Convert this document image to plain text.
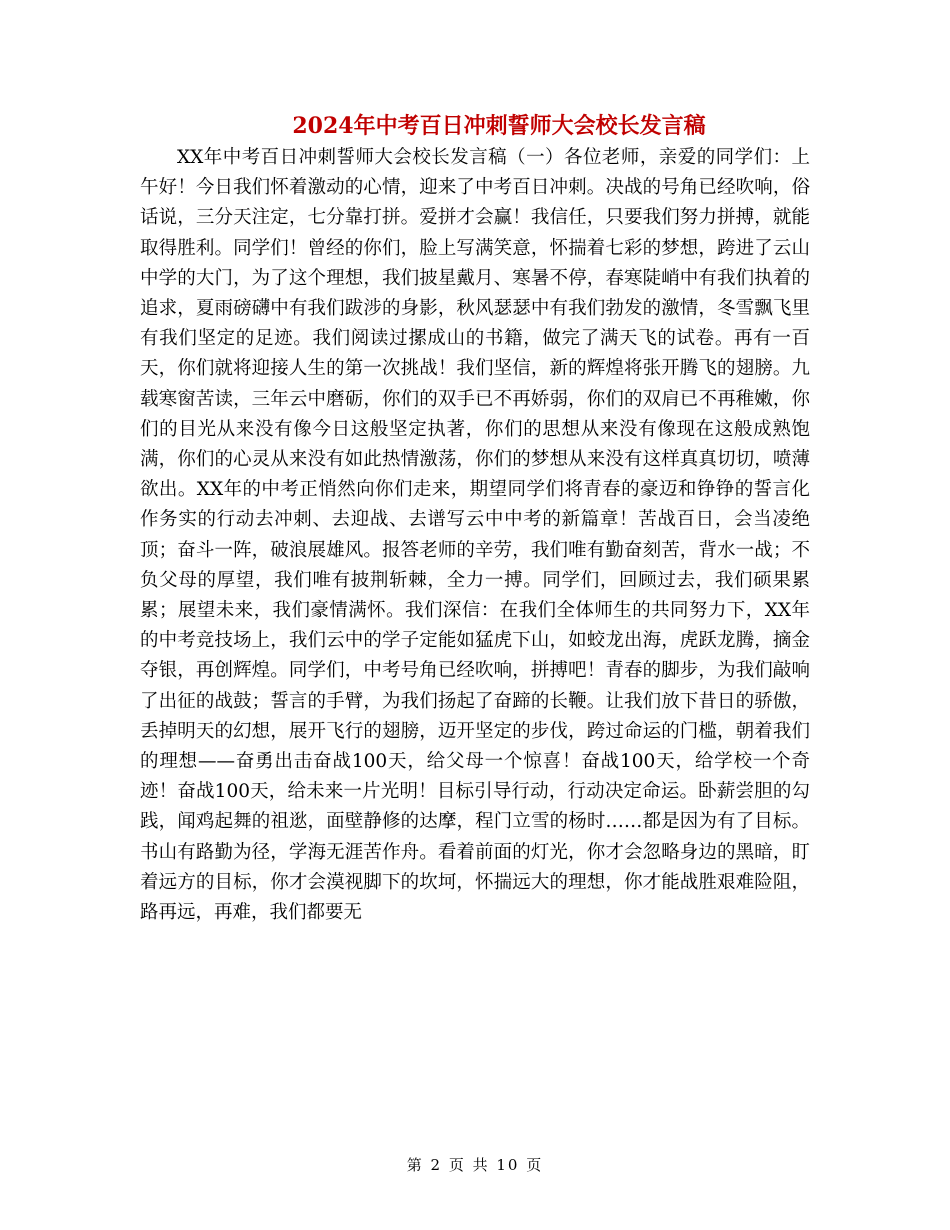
2024年中考百日冲刺誓师大会校长发言稿

XX年中考百日冲刺誓师大会校长发言稿（一）各位老师，亲爱的同学们：上午好！今日我们怀着激动的心情，迎来了中考百日冲刺。决战的号角已经吹响，俗话说，三分天注定，七分靠打拼。爱拼才会赢！我信任，只要我们努力拼搏，就能取得胜利。同学们！曾经的你们，脸上写满笑意，怀揣着七彩的梦想，跨进了云山中学的大门，为了这个理想，我们披星戴月、寒暑不停，春寒陡峭中有我们执着的追求，夏雨磅礴中有我们跋涉的身影，秋风瑟瑟中有我们勃发的激情，冬雪飘飞里有我们坚定的足迹。我们阅读过摞成山的书籍，做完了满天飞的试卷。再有一百天，你们就将迎接人生的第一次挑战！我们坚信，新的辉煌将张开腾飞的翅膀。九载寒窗苦读，三年云中磨砺，你们的双手已不再娇弱，你们的双肩已不再稚嫩，你们的目光从来没有像今日这般坚定执著，你们的思想从来没有像现在这般成熟饱满，你们的心灵从来没有如此热情激荡，你们的梦想从来没有这样真真切切，喷薄欲出。XX年的中考正悄然向你们走来，期望同学们将青春的豪迈和铮铮的誓言化作务实的行动去冲刺、去迎战、去谱写云中中考的新篇章！苦战百日，会当凌绝顶；奋斗一阵，破浪展雄风。报答老师的辛劳，我们唯有勤奋刻苦，背水一战；不负父母的厚望，我们唯有披荆斩棘，全力一搏。同学们，回顾过去，我们硕果累累；展望未来，我们豪情满怀。我们深信：在我们全体师生的共同努力下，XX年的中考竞技场上，我们云中的学子定能如猛虎下山，如蛟龙出海，虎跃龙腾，摘金夺银，再创辉煌。同学们，中考号角已经吹响，拼搏吧！青春的脚步，为我们敲响了出征的战鼓；誓言的手臂，为我们扬起了奋蹄的长鞭。让我们放下昔日的骄傲，丢掉明天的幻想，展开飞行的翅膀，迈开坚定的步伐，跨过命运的门槛，朝着我们的理想——奋勇出击奋战100天，给父母一个惊喜！奋战100天，给学校一个奇迹！奋战100天，给未来一片光明！目标引导行动，行动决定命运。卧薪尝胆的勾践，闻鸡起舞的祖逖，面壁静修的达摩，程门立雪的杨时……都是因为有了目标。书山有路勤为径，学海无涯苦作舟。看着前面的灯光，你才会忽略身边的黑暗，盯着远方的目标，你才会漠视脚下的坎坷，怀揣远大的理想，你才能战胜艰难险阻，路再远，再难，我们都要无

第 2 页 共 10 页
